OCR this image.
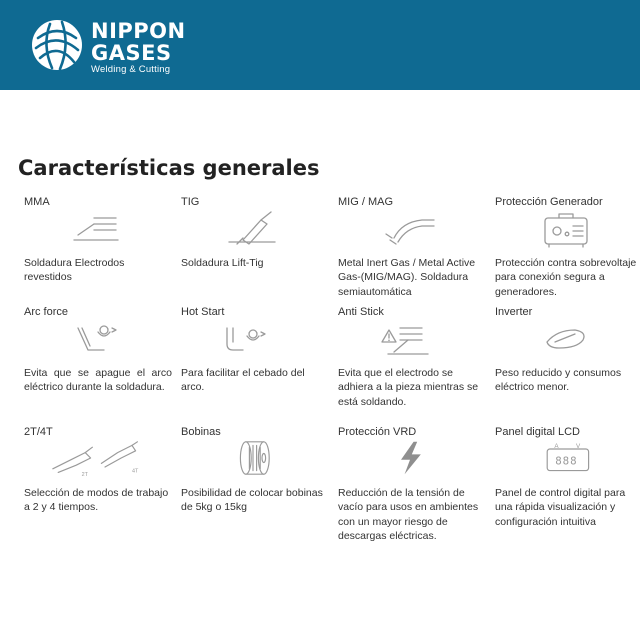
NIPPON
GASES
Welding & Cutting
Características generales
MMA
Soldadura Electrodos revestidos
TIG
Soldadura Lift-Tig
MIG / MAG
Metal Inert Gas / Metal Active Gas-(MIG/MAG). Soldadura semiautomática
Protección Generador
Protección contra sobrevoltaje para conexión segura a generadores.
Arc force
Evita que se apague el arco eléctrico durante la soldadura.
Hot Start
Para facilitar el cebado del arco.
Anti Stick
Evita que el electrodo se adhiera a la pieza mientras se está soldando.
Inverter
Peso reducido y consumos eléctrico menor.
2T/4T
2T
4T
Selección de modos de trabajo a 2 y 4 tiempos.
Bobinas
Posibilidad de colocar bobinas de 5kg o 15kg
Protección VRD
Reducción de la tensión de vacío para usos en ambientes con un mayor riesgo de descargas eléctricas.
Panel digital LCD
A V
888
Panel de control digital para una rápida visualización y configuración intuitiva
